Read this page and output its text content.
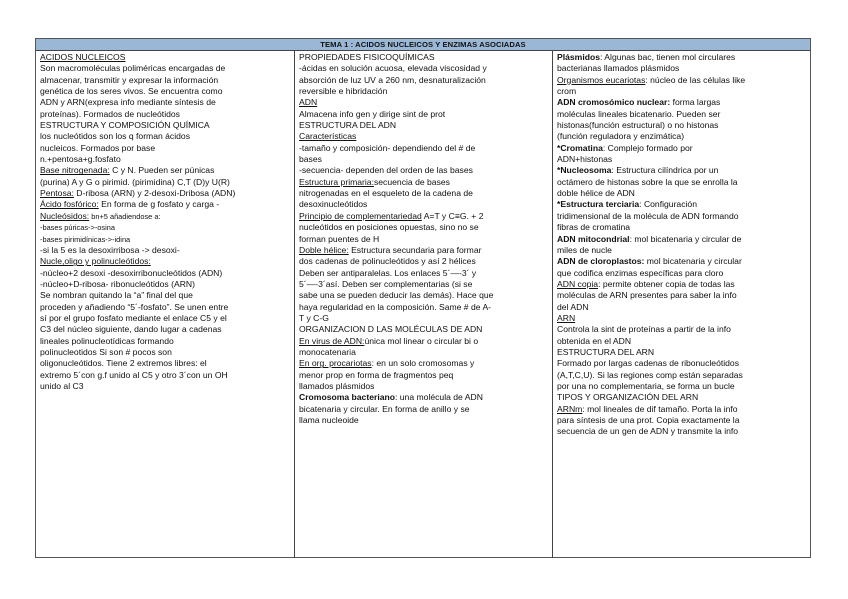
TEMA 1 : ACIDOS NUCLEICOS Y ENZIMAS ASOCIADAS
ACIDOS NUCLEICOS
Son macromoléculas poliméricas encargadas de
almacenar, transmitir y expresar la información
genética de los seres vivos. Se encuentra como
ADN y ARN(expresa info mediante síntesis de
proteínas). Formados de nucleótidos
ESTRUCTURA Y COMPOSICIÓN QUÍMICA
los nucleótidos son los q forman ácidos
nucleicos. Formados por base
n.+pentosa+g.fosfato
Base nitrogenada: C y N. Pueden ser púnicas
(purina) A y G o pirimid. (pirimidina) C,T (D)y U(R)
Pentosa: D-ribosa (ARN) y 2-desoxi-Dribosa (ADN)
Ácido fosfórico: En forma de g fosfato y carga -
Nucleósidos: bn+5 añadiendose a:
-bases púricas->-osina
-bases pirimidínicas->-idina
-si la 5 es la desoxirribosa -> desoxi-
Nucle,oligo y polinucleótidos:
-núcleo+2 desoxi -desoxirribonucleótidos (ADN)
-núcleo+D-ribosa- ribonucleótidos (ARN)
Se nombran quitando la “a” final del que
proceden y añadiendo “5´-fosfato”. Se unen entre
sí por el grupo fosfato mediante el enlace C5 y el
C3 del núcleo siguiente, dando lugar a cadenas
lineales polinucleotídicas formando
polinucleotidos Si son # pocos son
oligonucleótidos. Tiene 2 extremos libres: el
extremo 5´con g.f unido al C5 y otro 3´con un OH
unido al C3
PROPIEDADES FISICOQUÍMICAS
-ácidas en solución acuosa, elevada viscosidad y
absorción de luz UV a 260 nm, desnaturalización
reversible e hibridación
ADN
Almacena info gen y dirige sint de prot
ESTRUCTURA DEL ADN
Características
-tamaño y composición- dependiendo del # de
bases
-secuencia- dependen del orden de las bases
Estructura primaria:secuencia de bases
nitrogenadas en el esqueleto de la cadena de
desoxinucleótidos
Principio de complementariedad A=T y C≡G. + 2
nucleótidos en posiciones opuestas, sino no se
forman puentes de H
Doble hélice: Estructura secundaria para formar
dos cadenas de polinucleótidos y así 2 hélices
Deben ser antiparalelas. Los enlaces 5´—-3´ y
5´—-3´así. Deben ser complementarias (si se
sabe una se pueden deducir las demás). Hace que
haya regularidad en la composición. Same # de A-
T y C-G
ORGANIZACION D LAS MOLÉCULAS DE ADN
En virus de ADN:única mol linear o circular bi o
monocatenaria
En org. procariotas: en un solo cromosomas y
menor prop en forma de fragmentos peq
llamados plásmidos
Cromosoma bacteriano: una molécula de ADN
bicatenaria y circular. En forma de anillo y se
llama nucleoide
Plásmidos: Algunas bac, tienen mol circulares
bacterianas llamados plásmidos
Organismos eucariotas: núcleo de las células like
crom
ADN cromosómico nuclear: forma largas
moléculas lineales bicatenario. Pueden ser
histonas(función estructural) o no histonas
(función reguladora y enzimática)
*Cromatina: Complejo formado por
ADN+histonas
*Nucleosoma: Estructura cilíndrica por un
octámero de histonas sobre la que se enrolla la
doble hélice de ADN
*Estructura terciaria: Configuración
tridimensional de la molécula de ADN formando
fibras de cromatina
ADN mitocondrial: mol bicatenaria y circular de
miles de nucle
ADN de cloroplastos: mol bicatenaria y circular
que codifica enzimas específicas para cloro
ADN copia: permite obtener copia de todas las
moléculas de ARN presentes para saber la info
del ADN
ARN
Controla la sint de proteínas a partir de la info
obtenida en el ADN
ESTRUCTURA DEL ARN
Formado por largas cadenas de ribonucleótidos
(A,T,C,U). Si las regiones comp están separadas
por una no complementaria, se forma un bucle
TIPOS Y ORGANIZACIÓN DEL ARN
ARNm: mol lineales de dif tamaño. Porta la info
para síntesis de una prot. Copia exactamente la
secuencia de un gen de ADN y transmite la info
